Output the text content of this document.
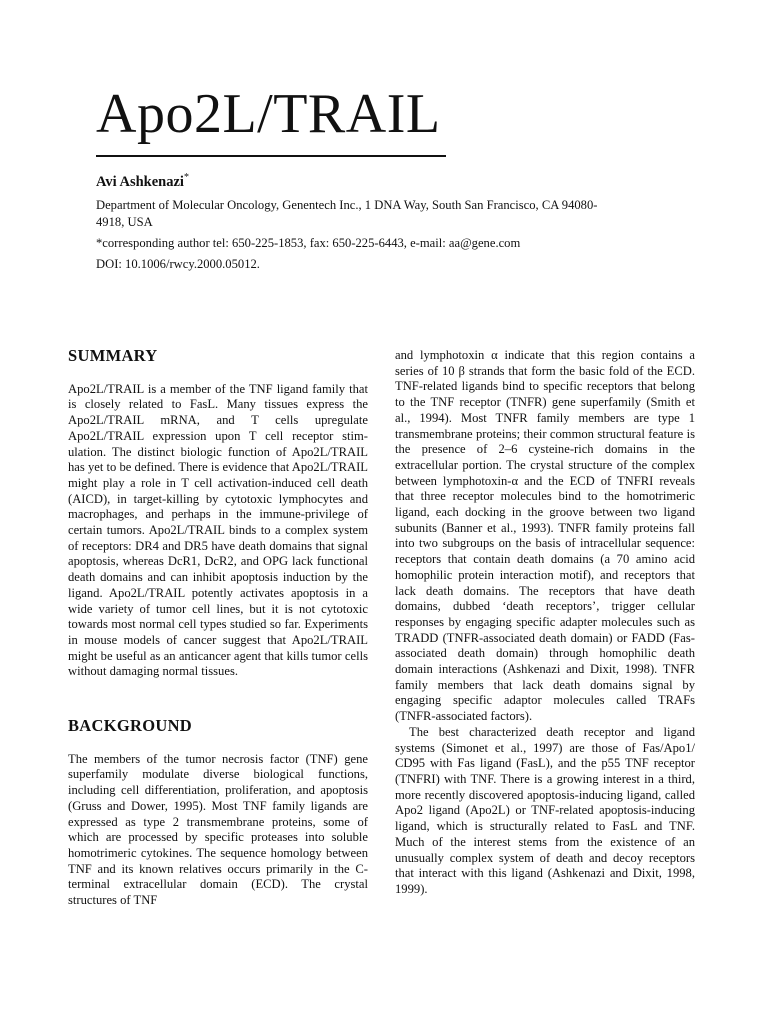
Apo2L/TRAIL

Avi Ashkenazi*

Department of Molecular Oncology, Genentech Inc., 1 DNA Way, South San Francisco, CA 94080-4918, USA

*corresponding author tel: 650-225-1853, fax: 650-225-6443, e-mail: aa@gene.com

DOI: 10.1006/rwcy.2000.05012.

SUMMARY

Apo2L/TRAIL is a member of the TNF ligand family that is closely related to FasL. Many tissues express the Apo2L/TRAIL mRNA, and T cells upregulate Apo2L/TRAIL expression upon T cell receptor stimulation. The distinct biologic function of Apo2L/​TRAIL has yet to be defined. There is evidence that Apo2L/TRAIL might play a role in T cell activation-​induced cell death (AICD), in target-killing by cytotoxic lymphocytes and macrophages, and perhaps in the immune-privilege of certain tumors. Apo2L/​TRAIL binds to a complex system of receptors: DR4 and DR5 have death domains that signal apoptosis, whereas DcR1, DcR2, and OPG lack functional death domains and can inhibit apoptosis induction by the ligand. Apo2L/TRAIL potently activates apoptosis in a wide variety of tumor cell lines, but it is not cytotoxic towards most normal cell types studied so far. Experiments in mouse models of cancer suggest that Apo2L/TRAIL might be useful as an anticancer agent that kills tumor cells without damaging normal tissues.

BACKGROUND

The members of the tumor necrosis factor (TNF) gene superfamily modulate diverse biological functions, including cell differentiation, proliferation, and apoptosis (Gruss and Dower, 1995). Most TNF family ligands are expressed as type 2 transmembrane proteins, some of which are processed by specific proteases into soluble homotrimeric cytokines. The sequence homology between TNF and its known relatives occurs primarily in the C-terminal extracellular domain (ECD). The crystal structures of TNF

and lymphotoxin α indicate that this region contains a series of 10 β strands that form the basic fold of the ECD. TNF-related ligands bind to specific receptors that belong to the TNF receptor (TNFR) gene superfamily (Smith et al., 1994). Most TNFR family members are type 1 transmembrane proteins; their common structural feature is the presence of 2–6 cysteine-rich domains in the extracellular portion. The crystal structure of the complex between lymphotoxin-α and the ECD of TNFRI reveals that three receptor molecules bind to the homotrimeric ligand, each docking in the groove between two ligand subunits (Banner et al., 1993). TNFR family proteins fall into two subgroups on the basis of intracellular sequence: receptors that contain death domains (a 70 amino acid homophilic protein interaction motif), and receptors that lack death domains. The receptors that have death domains, dubbed ‘death receptors’, trigger cellular responses by engaging specific adapter molecules such as TRADD (TNFR-associated death domain) or FADD (Fas-​associated death domain) through homophilic death domain interactions (Ashkenazi and Dixit, 1998). TNFR family members that lack death domains signal by engaging specific adaptor molecules called TRAFs (TNFR-associated factors).

The best characterized death receptor and ligand systems (Simonet et al., 1997) are those of Fas/Apo1/​CD95 with Fas ligand (FasL), and the p55 TNF receptor (TNFRI) with TNF. There is a growing interest in a third, more recently discovered apoptosis-inducing ligand, called Apo2 ligand (Apo2L) or TNF-related apoptosis-inducing ligand, which is structurally related to FasL and TNF. Much of the interest stems from the existence of an unusually complex system of death and decoy receptors that interact with this ligand (Ashkenazi and Dixit, 1998, 1999).
